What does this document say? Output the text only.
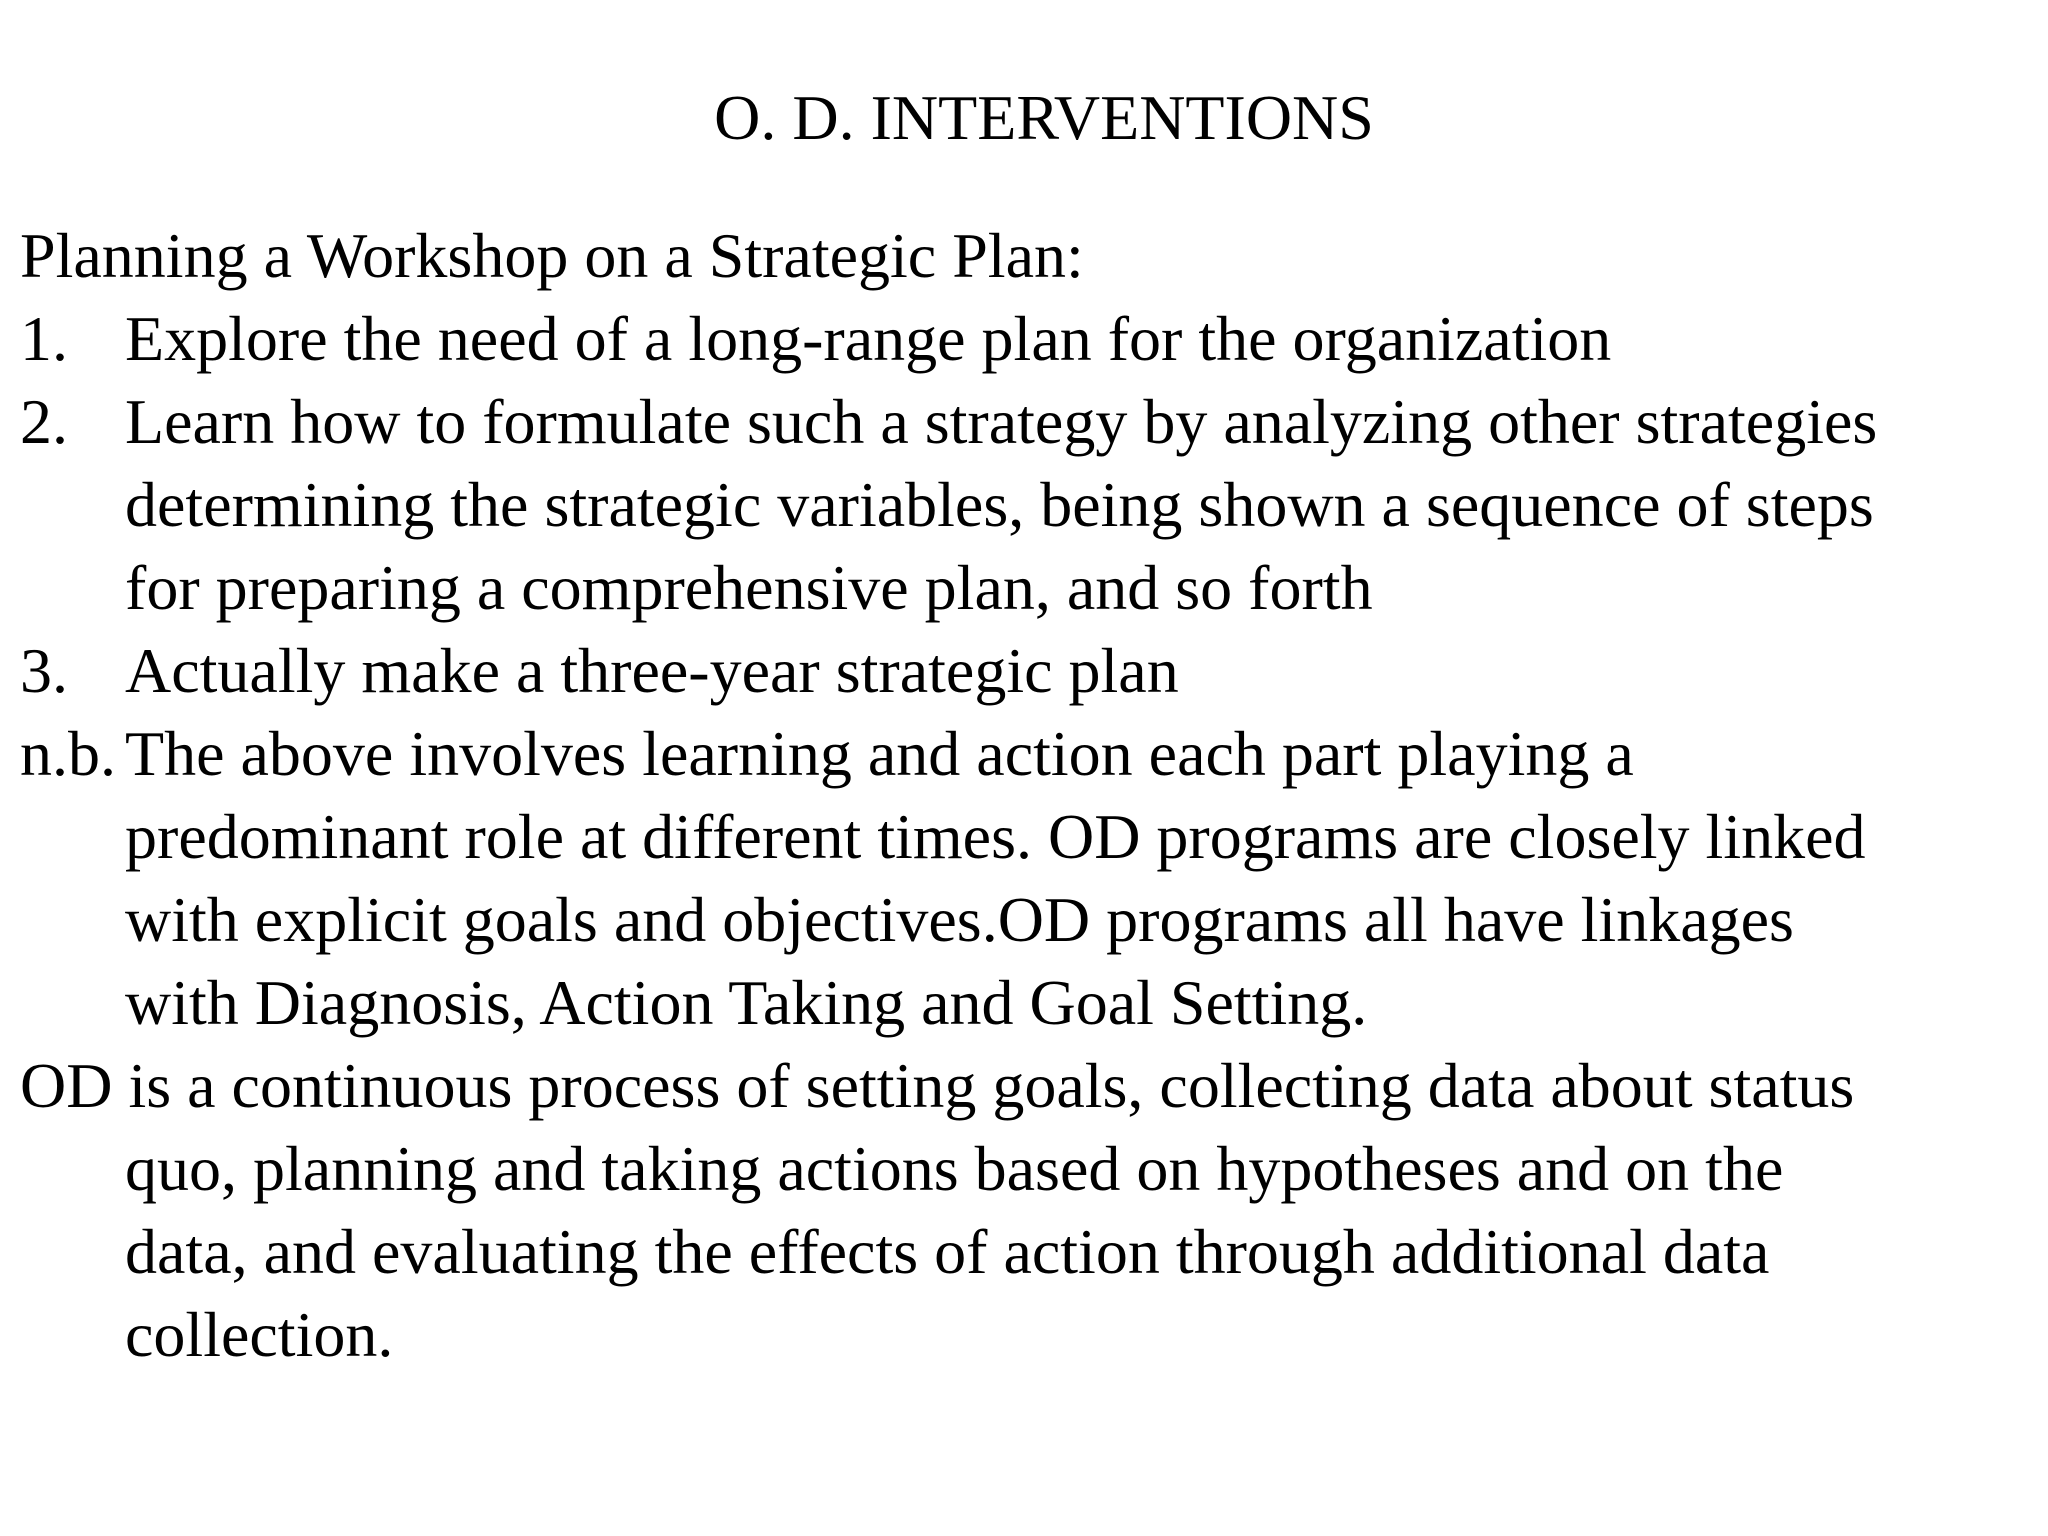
O. D. INTERVENTIONS
Planning a Workshop on a Strategic Plan:
1. Explore the need of a long-range plan for the organization
2. Learn how to formulate such a strategy by analyzing other strategies
determining the strategic variables, being shown a sequence of steps
for preparing a comprehensive plan, and so forth
3. Actually make a three-year strategic plan
n.b. The above involves learning and action each part playing a
predominant role at different times. OD programs are closely linked
with explicit goals and objectives.OD programs all have linkages
with Diagnosis, Action Taking and Goal Setting.
OD is a continuous process of setting goals, collecting data about status
quo, planning and taking actions based on hypotheses and on the
data, and evaluating the effects of action through additional data
collection.
